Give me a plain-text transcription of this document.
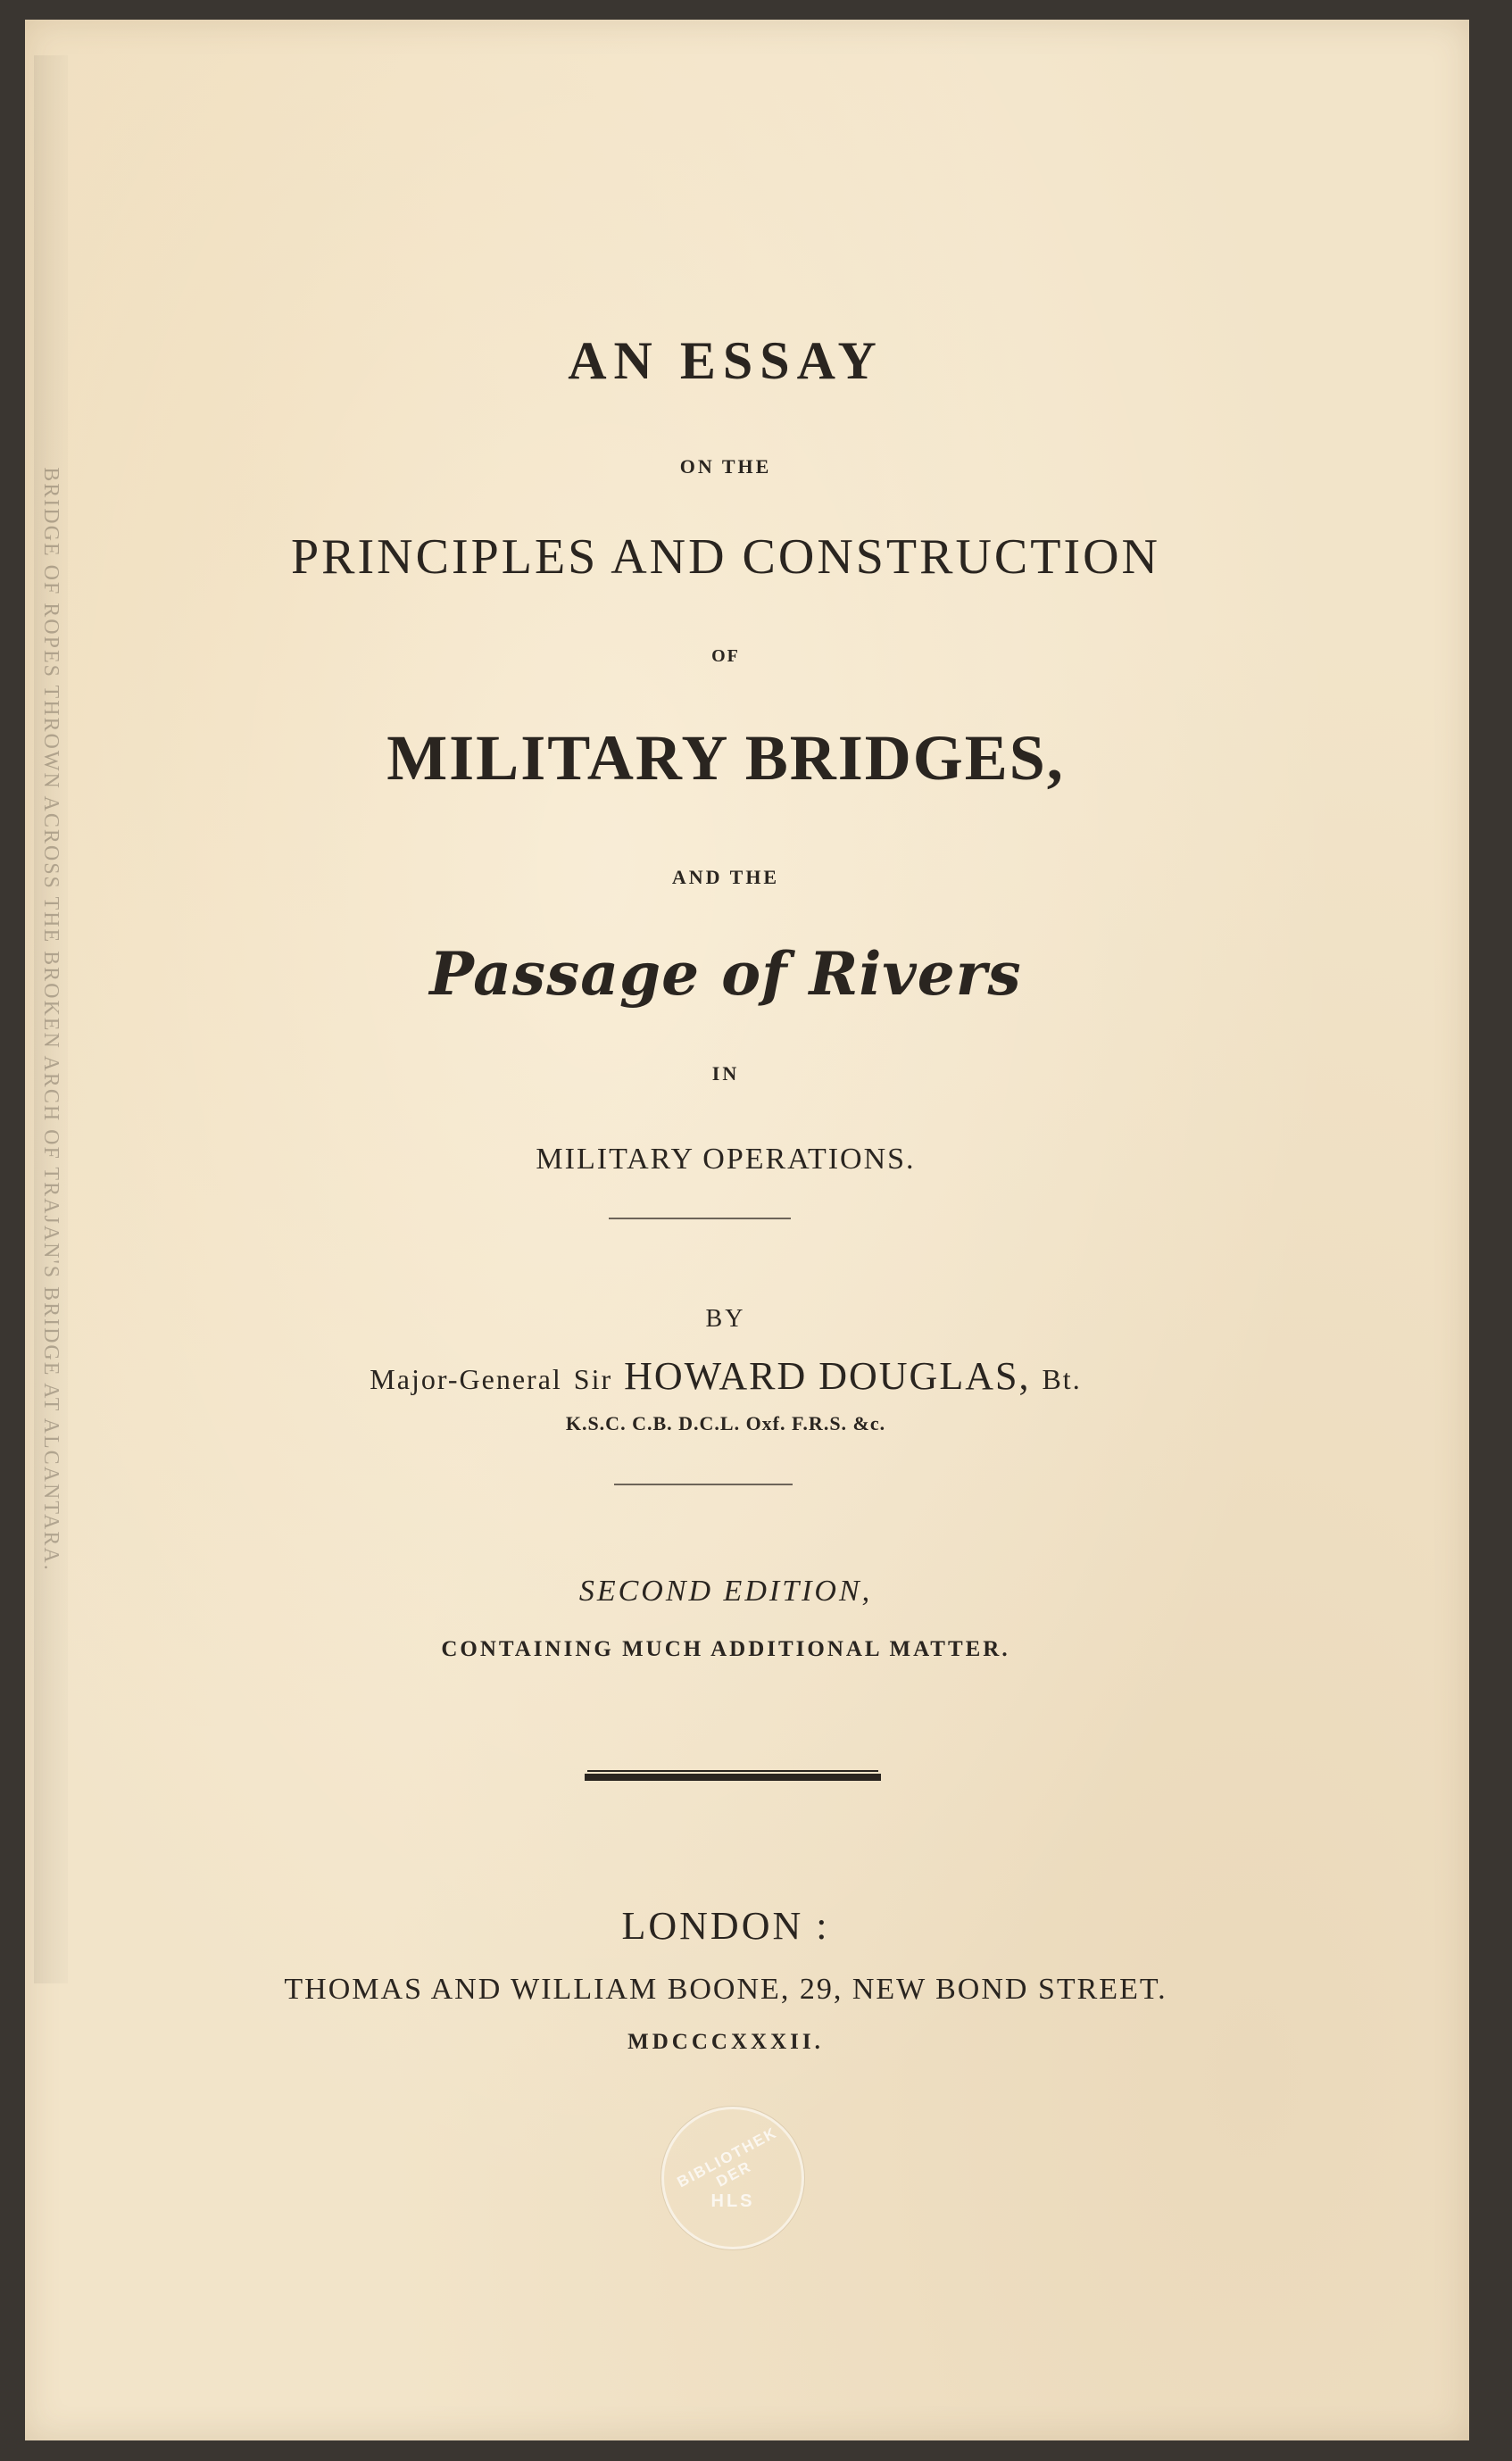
BRIDGE OF ROPES THROWN ACROSS THE BROKEN ARCH OF TRAJAN'S BRIDGE AT ALCANTARA.
AN ESSAY
ON THE
PRINCIPLES AND CONSTRUCTION
OF
MILITARY BRIDGES,
AND THE
Passage of Rivers
IN
MILITARY OPERATIONS.
BY
Major-General Sir HOWARD DOUGLAS, Bt.
K.S.C. C.B. D.C.L. Oxf. F.R.S. &c.
SECOND EDITION,
CONTAINING MUCH ADDITIONAL MATTER.
LONDON :
THOMAS AND WILLIAM BOONE, 29, NEW BOND STREET.
MDCCCXXXII.
BIBLIOTHEK DER
HLS
